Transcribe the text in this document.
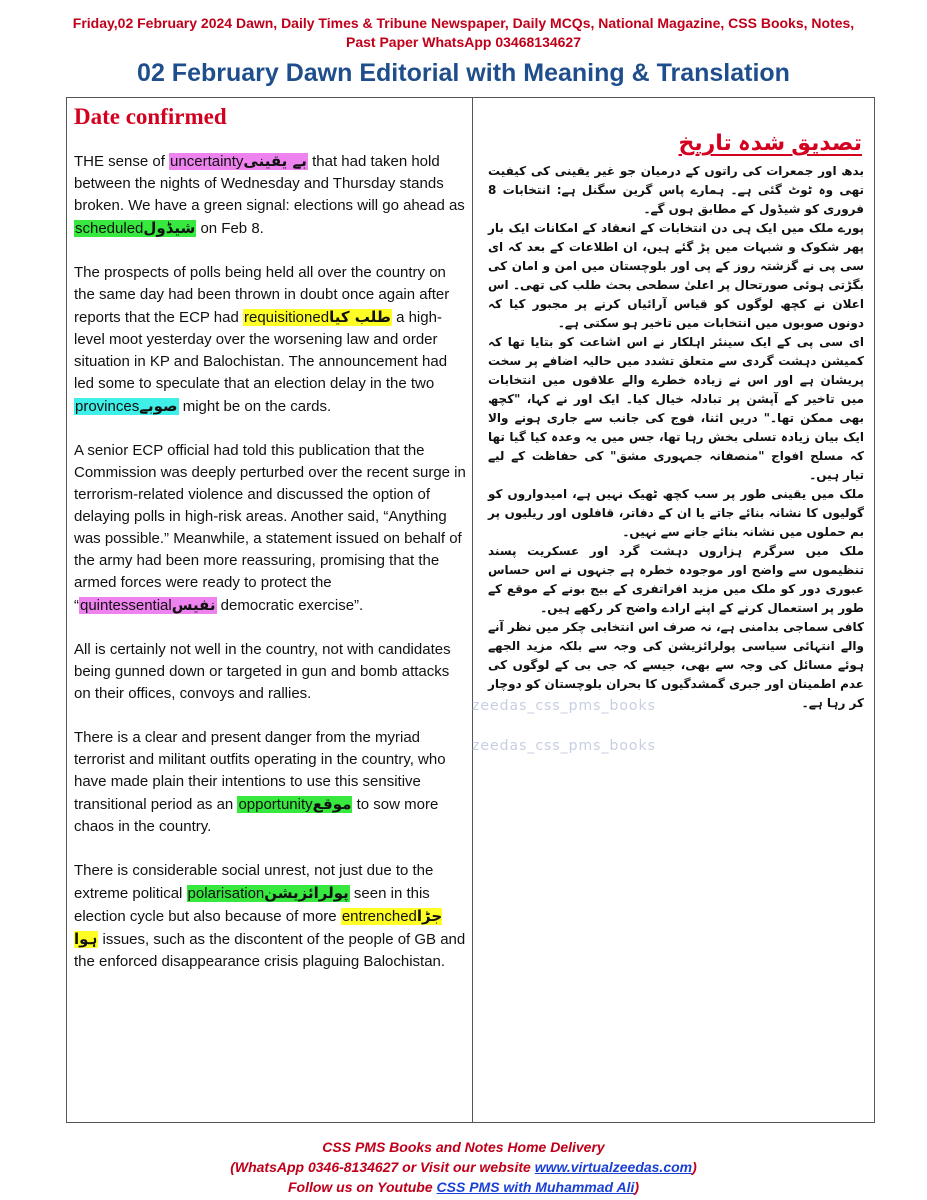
Friday,02 February 2024 Dawn, Daily Times & Tribune Newspaper, Daily MCQs, National Magazine, CSS Books, Notes, Past Paper WhatsApp 03468134627
02 February Dawn Editorial with Meaning & Translation
Date confirmed

THE sense of uncertaintyبے یقینی that had taken hold between the nights of Wednesday and Thursday stands broken. We have a green signal: elections will go ahead as scheduledشیڈول on Feb 8.

The prospects of polls being held all over the country on the same day had been thrown in doubt once again after reports that the ECP had requisitionedطلب کیا a high-level moot yesterday over the worsening law and order situation in KP and Balochistan. The announcement had led some to speculate that an election delay in the two provincesصوبے might be on the cards.

A senior ECP official had told this publication that the Commission was deeply perturbed over the recent surge in terrorism-related violence and discussed the option of delaying polls in high-risk areas. Another said, “Anything was possible.” Meanwhile, a statement issued on behalf of the army had been more reassuring, promising that the armed forces were ready to protect the “quintessentialنفیس democratic exercise”.

All is certainly not well in the country, not with candidates being gunned down or targeted in gun and bomb attacks on their offices, convoys and rallies.

There is a clear and present danger from the myriad terrorist and militant outfits operating in the country, who have made plain their intentions to use this sensitive transitional period as an opportunityموقع to sow more chaos in the country.

There is considerable social unrest, not just due to the extreme political polarisationپولرائزیشن seen in this election cycle but also because of more entrenchedجڑا ہوا issues, such as the discontent of the people of GB and the enforced disappearance crisis plaguing Balochistan.

تصدیق شدہ تاریخ

بدھ اور جمعرات کی راتوں کے درمیان جو غیر یقینی کی کیفیت تھی وہ ٹوٹ گئی ہے۔ ہمارے پاس گرین سگنل ہے: انتخابات 8 فروری کو شیڈول کے مطابق ہوں گے۔

پورے ملک میں ایک ہی دن انتخابات کے انعقاد کے امکانات ایک بار پھر شکوک و شبہات میں پڑ گئے ہیں، ان اطلاعات کے بعد کہ ای سی پی نے گزشتہ روز کے پی اور بلوچستان میں امن و امان کی بگڑتی ہوئی صورتحال پر اعلیٰ سطحی بحث طلب کی تھی۔ اس اعلان نے کچھ لوگوں کو قیاس آرائیاں کرنے پر مجبور کیا کہ دونوں صوبوں میں انتخابات میں تاخیر ہو سکتی ہے۔

ای سی پی کے ایک سینئر اہلکار نے اس اشاعت کو بتایا تھا کہ کمیشن دہشت گردی سے متعلق تشدد میں حالیہ اضافے پر سخت پریشان ہے اور اس نے زیادہ خطرے والے علاقوں میں انتخابات میں تاخیر کے آپشن پر تبادلہ خیال کیا۔ ایک اور نے کہا، "کچھ بھی ممکن تھا۔" دریں اثنا، فوج کی جانب سے جاری ہونے والا ایک بیان زیادہ تسلی بخش رہا تھا، جس میں یہ وعدہ کیا گیا تھا کہ مسلح افواج "منصفانہ جمہوری مشق" کی حفاظت کے لیے تیار ہیں۔

ملک میں یقینی طور پر سب کچھ ٹھیک نہیں ہے، امیدواروں کو گولیوں کا نشانہ بنائے جاتے یا ان کے دفاتر، قافلوں اور ریلیوں پر بم حملوں میں نشانہ بنائے جانے سے نہیں۔

ملک میں سرگرم ہزاروں دہشت گرد اور عسکریت پسند تنظیموں سے واضح اور موجودہ خطرہ ہے جنہوں نے اس حساس عبوری دور کو ملک میں مزید افراتفری کے بیج بونے کے موقع کے طور پر استعمال کرنے کے اپنے ارادے واضح کر رکھے ہیں۔

کافی سماجی بدامنی ہے، نہ صرف اس انتخابی چکر میں نظر آنے والے انتہائی سیاسی پولرائزیشن کی وجہ سے بلکہ مزید الجھے ہوئے مسائل کی وجہ سے بھی، جیسے کہ جی بی کے لوگوں کی عدم اطمینان اور جبری گمشدگیوں کا بحران بلوچستان کو دوچار کر رہا ہے۔

zeedas_css_pms_books
zeedas_css_pms_books
CSS PMS Books and Notes Home Delivery
(WhatsApp 0346-8134627 or Visit our website www.virtualzeedas.com)
Follow us on Youtube CSS PMS with Muhammad Ali)
